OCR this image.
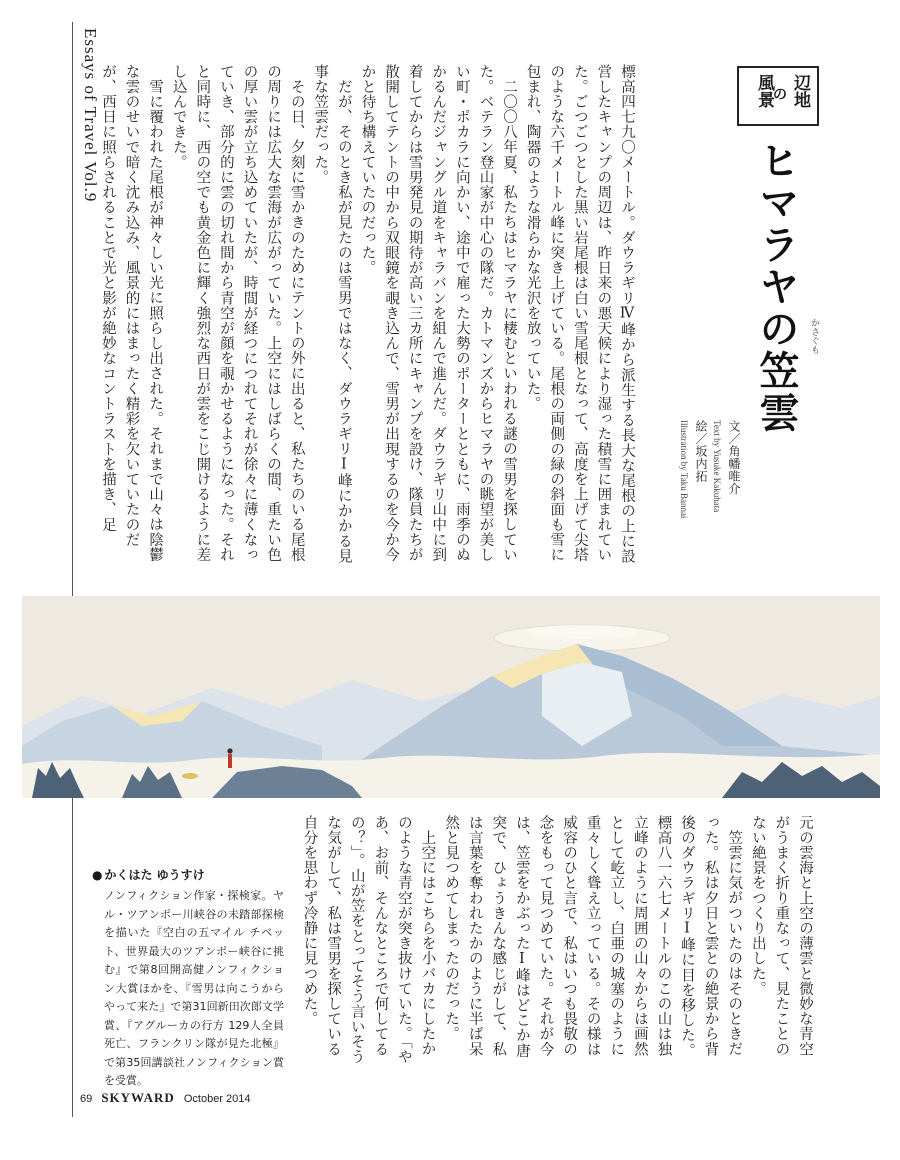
Essays of Travel Vol.9	風景 の 辺地
ヒマラヤの笠雲 かさぐも
文／角幡唯介
Text by Yusuke Kakuhata
絵／坂内拓
Illustration by Taku Bannai

標高四七九〇メートル。ダウラギリⅣ峰から派生する長大な尾根の上に設営したキャンプの周辺は、昨日来の悪天候により湿った積雪に囲まれていた。ごつごつとした黒い岩尾根は白い雪尾根となって、高度を上げて尖塔のような六千メートル峰に突き上げている。尾根の両側の緑の斜面も雪に包まれ、陶器のような滑らかな光沢を放っていた。

二〇〇八年夏、私たちはヒマラヤに棲むといわれる謎の雪男を探していた。ベテラン登山家が中心の隊だ。カトマンズからヒマラヤの眺望が美しい町・ポカラに向かい、途中で雇った大勢のポーターとともに、雨季のぬかるんだジャングル道をキャラバンを組んで進んだ。ダウラギリ山中に到着してからは雪男発見の期待が高い三カ所にキャンプを設け、隊員たちが散開してテントの中から双眼鏡を覗き込んで、雪男が出現するのを今か今かと待ち構えていたのだった。

だが、そのとき私が見たのは雪男ではなく、ダウラギリⅠ峰にかかる見事な笠雲だった。

その日、夕刻に雪かきのためにテントの外に出ると、私たちのいる尾根の周りには広大な雲海が広がっていた。上空にはしばらくの間、重たい色の厚い雲が立ち込めていたが、時間が経つにつれてそれが徐々に薄くなっていき、部分的に雲の切れ間から青空が顔を覗かせるようになった。それと同時に、西の空でも黄金色に輝く強烈な西日が雲をこじ開けるように差し込んできた。

雪に覆われた尾根が神々しい光に照らし出された。それまで山々は陰鬱な雲のせいで暗く沈み込み、風景的にはまったく精彩を欠いていたのだが、西日に照らされることで光と影が絶妙なコントラストを描き、足

元の雲海と上空の薄雲と微妙な青空がうまく折り重なって、見たことのない絶景をつくり出した。

笠雲に気がついたのはそのときだった。私は夕日と雲との絶景から背後のダウラギリⅠ峰に目を移した。標高八一六七メートルのこの山は独立峰のように周囲の山々からは画然として屹立し、白亜の城塞のように重々しく聳え立っている。その様は威容のひと言で、私はいつも畏敬の念をもって見つめていた。それが今は、笠雲をかぶったⅠ峰はどこか唐突で、ひょうきんな感じがして、私は言葉を奪われたかのように半ば呆然と見つめてしまったのだった。

上空にはこちらを小バカにしたかのような青空が突き抜けていた。「やあ、お前、そんなところで何してるの？」。山が笠をとってそう言いそうな気がして、私は雪男を探している自分を思わず冷静に見つめた。

● かくはた ゆうすけ

ノンフィクション作家・探検家。ヤル・ツアンポー川峡谷の未踏部探検を描いた『空白の五マイル チベット、世界最大のツアンポー峡谷に挑む』で第8回開高健ノンフィクション大賞ほかを、『雪男は向こうからやって来た』で第31回新田次郎文学賞、『アグルーカの行方 129人全員死亡、フランクリン隊が見た北極』で第35回講談社ノンフィクション賞を受賞。

69 SKYWARD October 2014
